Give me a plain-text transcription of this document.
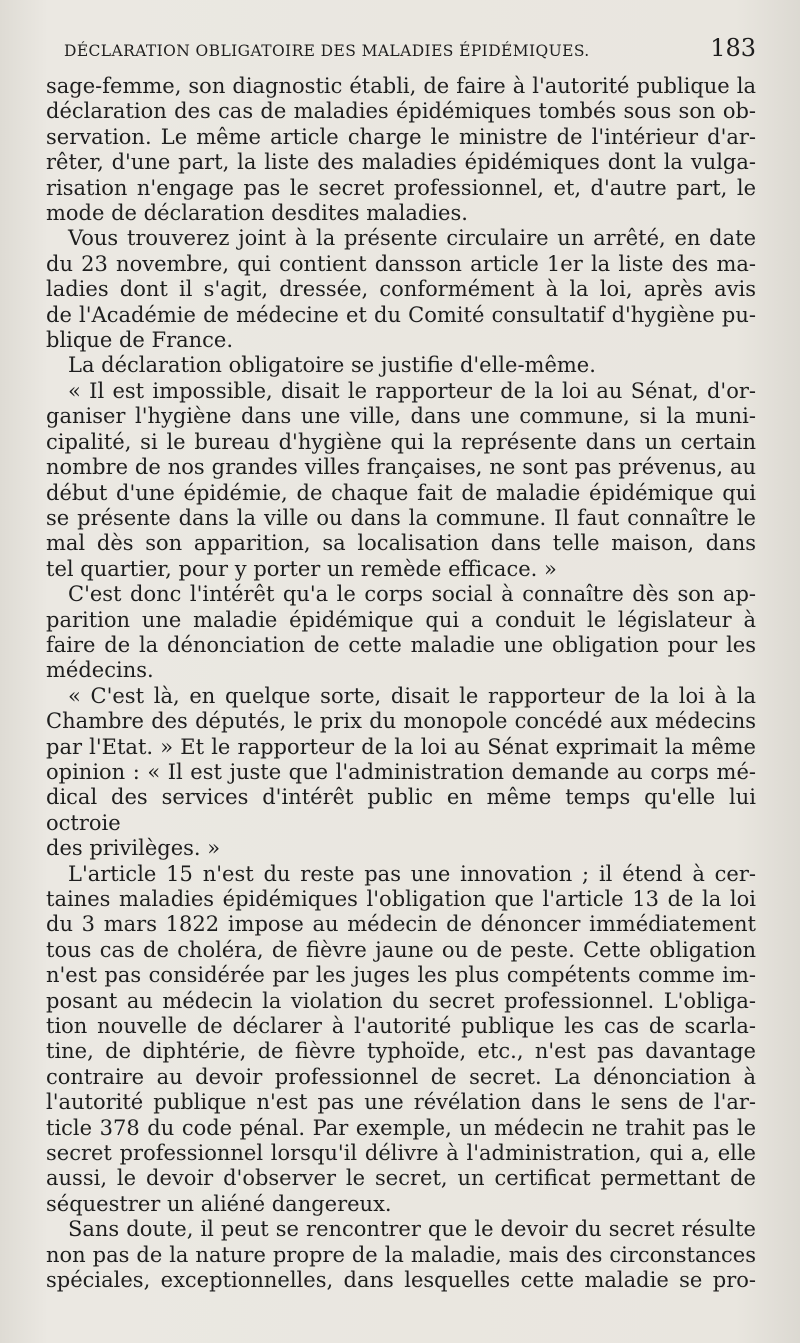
DÉCLARATION OBLIGATOIRE DES MALADIES ÉPIDÉMIQUES.	183

sage-femme, son diagnostic établi, de faire à l'autorité publique la

déclaration des cas de maladies épidémiques tombés sous son ob-

servation. Le même article charge le ministre de l'intérieur d'ar-

rêter, d'une part, la liste des maladies épidémiques dont la vulga-

risation n'engage pas le secret professionnel, et, d'autre part, le

mode de déclaration desdites maladies.

Vous trouverez joint à la présente circulaire un arrêté, en date

du 23 novembre, qui contient dansson article 1er la liste des ma-

ladies dont il s'agit, dressée, conformément à la loi, après avis

de l'Académie de médecine et du Comité consultatif d'hygiène pu-

blique de France.

La déclaration obligatoire se justifie d'elle-même.

« Il est impossible, disait le rapporteur de la loi au Sénat, d'or-

ganiser l'hygiène dans une ville, dans une commune, si la muni-

cipalité, si le bureau d'hygiène qui la représente dans un certain

nombre de nos grandes villes françaises, ne sont pas prévenus, au

début d'une épidémie, de chaque fait de maladie épidémique qui

se présente dans la ville ou dans la commune. Il faut connaître le

mal dès son apparition, sa localisation dans telle maison, dans

tel quartier, pour y porter un remède efficace. »

C'est donc l'intérêt qu'a le corps social à connaître dès son ap-

parition une maladie épidémique qui a conduit le législateur à

faire de la dénonciation de cette maladie une obligation pour les

médecins.

« C'est là, en quelque sorte, disait le rapporteur de la loi à la

Chambre des députés, le prix du monopole concédé aux médecins

par l'Etat. » Et le rapporteur de la loi au Sénat exprimait la même

opinion : « Il est juste que l'administration demande au corps mé-

dical des services d'intérêt public en même temps qu'elle lui octroie

des privilèges. »

L'article 15 n'est du reste pas une innovation ; il étend à cer-

taines maladies épidémiques l'obligation que l'article 13 de la loi

du 3 mars 1822 impose au médecin de dénoncer immédiatement

tous cas de choléra, de fièvre jaune ou de peste. Cette obligation

n'est pas considérée par les juges les plus compétents comme im-

posant au médecin la violation du secret professionnel. L'obliga-

tion nouvelle de déclarer à l'autorité publique les cas de scarla-

tine, de diphtérie, de fièvre typhoïde, etc., n'est pas davantage

contraire au devoir professionnel de secret. La dénonciation à

l'autorité publique n'est pas une révélation dans le sens de l'ar-

ticle 378 du code pénal. Par exemple, un médecin ne trahit pas le

secret professionnel lorsqu'il délivre à l'administration, qui a, elle

aussi, le devoir d'observer le secret, un certificat permettant de

séquestrer un aliéné dangereux.

Sans doute, il peut se rencontrer que le devoir du secret résulte

non pas de la nature propre de la maladie, mais des circonstances

spéciales, exceptionnelles, dans lesquelles cette maladie se pro-
